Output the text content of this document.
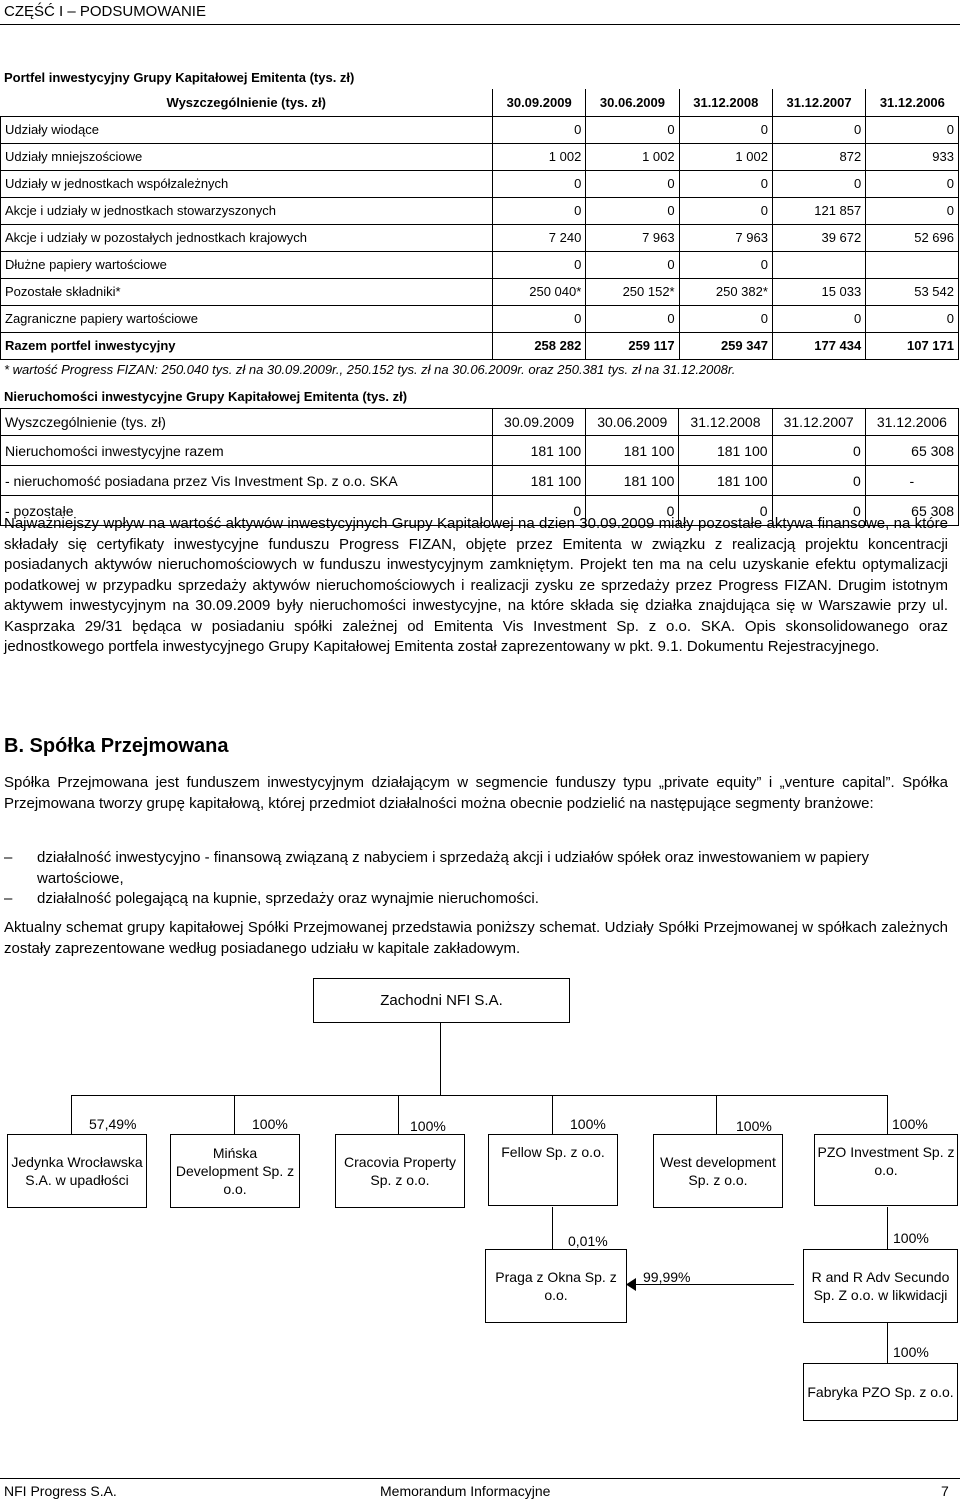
CZĘŚĆ I – PODSUMOWANIE
Portfel inwestycyjny Grupy Kapitałowej Emitenta (tys. zł)
Wyszczególnienie (tys. zł)	30.09.2009	30.06.2009	31.12.2008	31.12.2007	31.12.2006
Udziały wiodące	0	0	0	0	0
Udziały mniejszościowe	1 002	1 002	1 002	872	933
Udziały w jednostkach współzależnych	0	0	0	0	0
Akcje i udziały w jednostkach stowarzyszonych	0	0	0	121 857	0
Akcje i udziały w pozostałych jednostkach krajowych	7 240	7 963	7 963	39 672	52 696
Dłużne papiery wartościowe	0	0	0		
Pozostałe składniki*	250 040*	250 152*	250 382*	15 033	53 542
Zagraniczne papiery wartościowe	0	0	0	0	0
Razem portfel inwestycyjny	258 282	259 117	259 347	177 434	107 171
* wartość Progress FIZAN: 250.040 tys. zł na 30.09.2009r., 250.152 tys. zł na 30.06.2009r. oraz 250.381 tys. zł na 31.12.2008r.
Nieruchomości inwestycyjne Grupy Kapitałowej Emitenta (tys. zł)
Wyszczególnienie (tys. zł)	30.09.2009	30.06.2009	31.12.2008	31.12.2007	31.12.2006
Nieruchomości inwestycyjne razem	181 100	181 100	181 100	0	65 308
- nieruchomość posiadana przez Vis Investment Sp. z o.o. SKA	181 100	181 100	181 100	0	-
- pozostałe	0	0	0	0	65 308
Najważniejszy wpływ na wartość aktywów inwestycyjnych Grupy Kapitałowej na dzien 30.09.2009 miały pozostałe aktywa finansowe, na które składały się certyfikaty inwestycyjne funduszu Progress FIZAN, objęte przez Emitenta w związku z realizacją projektu koncentracji posiadanych aktywów nieruchomościowych w funduszu inwestycyjnym zamkniętym. Projekt ten ma na celu uzyskanie efektu optymalizacji podatkowej w przypadku sprzedaży aktywów nieruchomościowych i realizacji zysku ze sprzedaży przez Progress FIZAN. Drugim istotnym aktywem inwestycyjnym na 30.09.2009 były nieruchomości inwestycyjne, na które składa się działka znajdująca się w Warszawie przy ul. Kasprzaka 29/31 będąca w posiadaniu spółki zależnej od Emitenta Vis Investment Sp. z o.o. SKA. Opis skonsolidowanego oraz jednostkowego portfela inwestycyjnego Grupy Kapitałowej Emitenta został zaprezentowany w pkt. 9.1. Dokumentu Rejestracyjnego.
B. Spółka Przejmowana
Spółka Przejmowana jest funduszem inwestycyjnym działającym w segmencie funduszy typu „private equity” i „venture capital”. Spółka Przejmowana tworzy grupę kapitałową, której przedmiot działalności można obecnie podzielić na następujące segmenty branżowe:
– działalność inwestycyjno - finansową związaną z nabyciem i sprzedażą akcji i udziałów spółek oraz inwestowaniem w papiery wartościowe,
– działalność polegającą na kupnie, sprzedaży oraz wynajmie nieruchomości.
Aktualny schemat grupy kapitałowej Spółki Przejmowanej przedstawia poniższy schemat. Udziały Spółki Przejmowanej w spółkach zależnych zostały zaprezentowane według posiadanego udziału w kapitale zakładowym.
Zachodni NFI S.A.
57,49%	100%	100%	100%	100%	100%
Jedynka Wrocławska S.A. w upadłości
Mińska Development Sp. z o.o.
Cracovia Property Sp. z o.o.
Fellow Sp. z o.o.
West development Sp. z o.o.
PZO Investment Sp. z o.o.
0,01%	100%
Praga z Okna Sp. z o.o.
R and R Adv Secundo Sp. Z o.o. w likwidacji
99,99%
100%
Fabryka PZO Sp. z o.o.
NFI Progress S.A.	Memorandum Informacyjne	7
